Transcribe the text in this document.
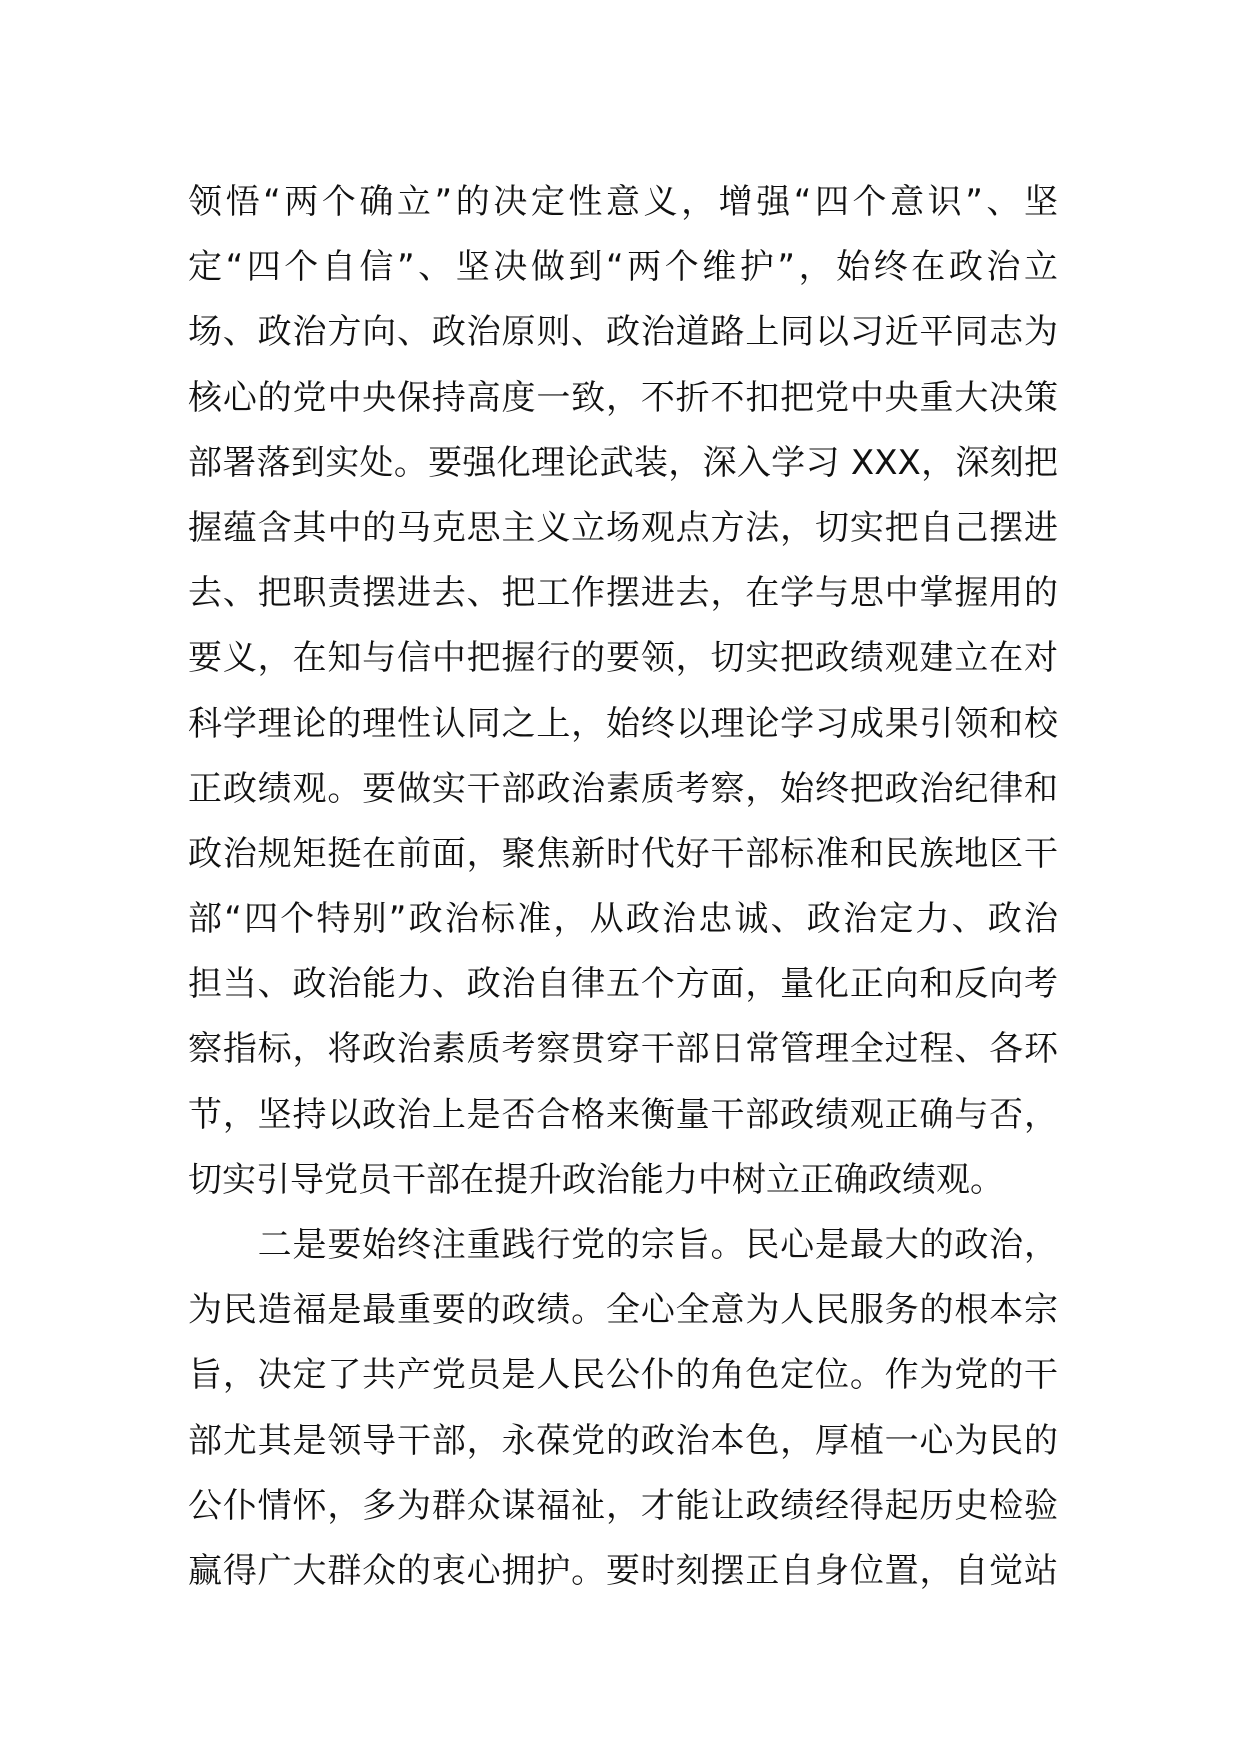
领悟“两个确立”的决定性意义，增强“四个意识”、坚
定“四个自信”、坚决做到“两个维护”，始终在政治立
场、政治方向、政治原则、政治道路上同以习近平同志为
核心的党中央保持高度一致，不折不扣把党中央重大决策
部署落到实处。要强化理论武装，深入学习 XXX，深刻把
握蕴含其中的马克思主义立场观点方法，切实把自己摆进
去、把职责摆进去、把工作摆进去，在学与思中掌握用的
要义，在知与信中把握行的要领，切实把政绩观建立在对
科学理论的理性认同之上，始终以理论学习成果引领和校
正政绩观。要做实干部政治素质考察，始终把政治纪律和
政治规矩挺在前面，聚焦新时代好干部标准和民族地区干
部“四个特别”政治标准，从政治忠诚、政治定力、政治
担当、政治能力、政治自律五个方面，量化正向和反向考
察指标，将政治素质考察贯穿干部日常管理全过程、各环
节，坚持以政治上是否合格来衡量干部政绩观正确与否，
切实引导党员干部在提升政治能力中树立正确政绩观。
　　二是要始终注重践行党的宗旨。民心是最大的政治，
为民造福是最重要的政绩。全心全意为人民服务的根本宗
旨，决定了共产党员是人民公仆的角色定位。作为党的干
部尤其是领导干部，永葆党的政治本色，厚植一心为民的
公仆情怀，多为群众谋福祉，才能让政绩经得起历史检验
赢得广大群众的衷心拥护。要时刻摆正自身位置，自觉站
